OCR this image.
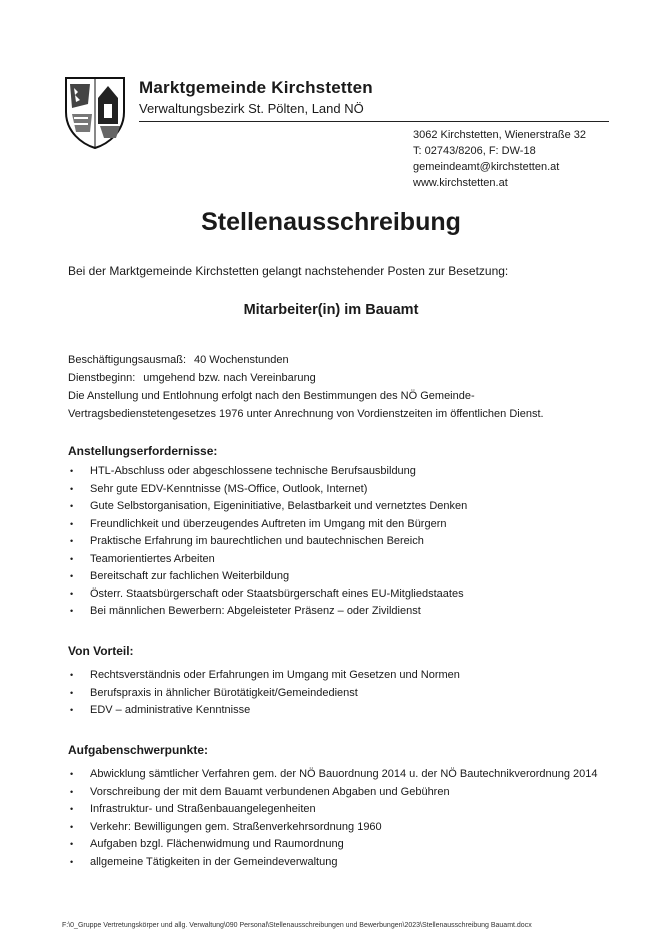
Marktgemeinde Kirchstetten
Verwaltungsbezirk St. Pölten, Land NÖ
3062 Kirchstetten, Wienerstraße 32
T: 02743/8206, F: DW-18
gemeindeamt@kirchstetten.at
www.kirchstetten.at
Stellenausschreibung
Bei der Marktgemeinde Kirchstetten gelangt nachstehender Posten zur Besetzung:
Mitarbeiter(in) im Bauamt
Beschäftigungsausmaß: 40 Wochenstunden
Dienstbeginn: umgehend bzw. nach Vereinbarung
Die Anstellung und Entlohnung erfolgt nach den Bestimmungen des NÖ Gemeinde-
Vertragsbedienstetengesetzes 1976 unter Anrechnung von Vordienstzeiten im öffentlichen Dienst.
Anstellungserfordernisse:
• HTL-Abschluss oder abgeschlossene technische Berufsausbildung
• Sehr gute EDV-Kenntnisse (MS-Office, Outlook, Internet)
• Gute Selbstorganisation, Eigeninitiative, Belastbarkeit und vernetztes Denken
• Freundlichkeit und überzeugendes Auftreten im Umgang mit den Bürgern
• Praktische Erfahrung im baurechtlichen und bautechnischen Bereich
• Teamorientiertes Arbeiten
• Bereitschaft zur fachlichen Weiterbildung
• Österr. Staatsbürgerschaft oder Staatsbürgerschaft eines EU-Mitgliedstaates
• Bei männlichen Bewerbern: Abgeleisteter Präsenz – oder Zivildienst
Von Vorteil:
• Rechtsverständnis oder Erfahrungen im Umgang mit Gesetzen und Normen
• Berufspraxis in ähnlicher Bürotätigkeit/Gemeindedienst
• EDV – administrative Kenntnisse
Aufgabenschwerpunkte:
• Abwicklung sämtlicher Verfahren gem. der NÖ Bauordnung 2014 u. der NÖ Bautechnikverordnung 2014
• Vorschreibung der mit dem Bauamt verbundenen Abgaben und Gebühren
• Infrastruktur- und Straßenbauangelegenheiten
• Verkehr: Bewilligungen gem. Straßenverkehrsordnung 1960
• Aufgaben bzgl. Flächenwidmung und Raumordnung
• allgemeine Tätigkeiten in der Gemeindeverwaltung
F:\0_Gruppe Vertretungskörper und allg. Verwaltung\090 Personal\Stellenausschreibungen und Bewerbungen\2023\Stellenausschreibung Bauamt.docx
